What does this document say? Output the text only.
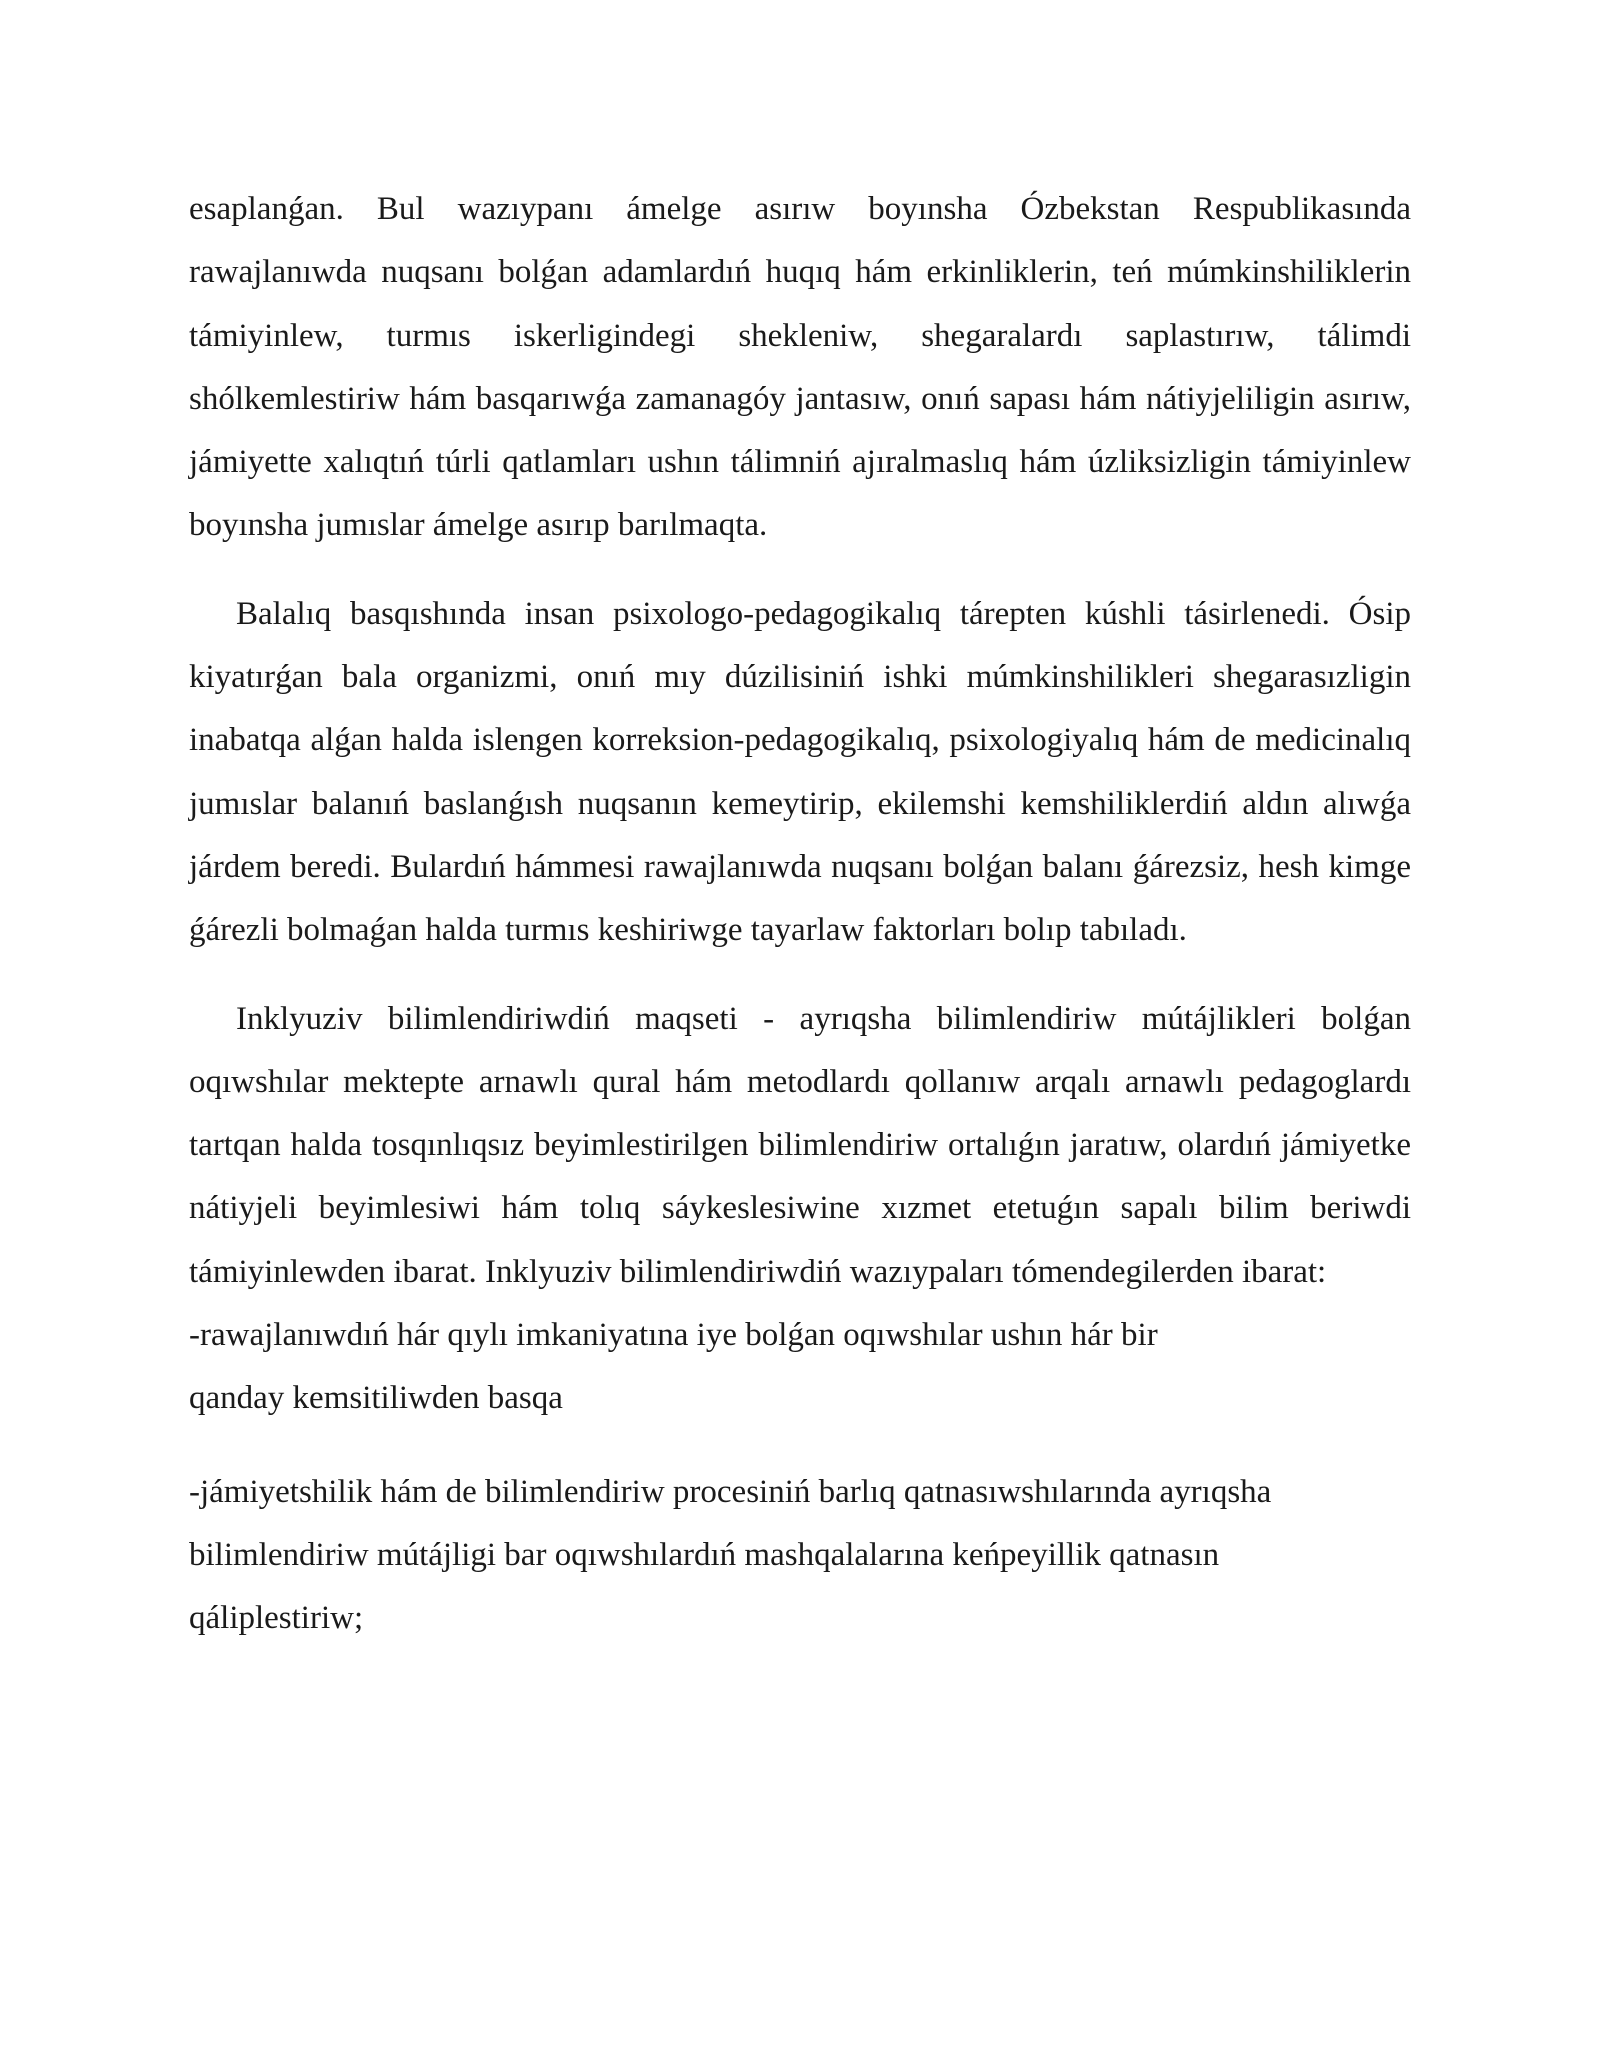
esaplanǵan. Bul wazıypanı ámelge asırıw boyınsha Ózbekstan Respublikasında rawajlanıwda nuqsanı bolǵan adamlardıń huqıq hám erkinliklerin, teń múmkinshiliklerin támiyinlew, turmıs iskerligindegi shekleniw, shegaralardı saplastırıw, tálimdi shólkemlestiriw hám basqarıwǵa zamanagóy jantasıw, onıń sapası hám nátiyjeliligin asırıw, jámiyette xalıqtıń túrli qatlamları ushın tálimniń ajıralmaslıq hám úzliksizligin támiyinlew boyınsha jumıslar ámelge asırıp barılmaqta.

Balalıq basqıshında insan psixologo-pedagogikalıq tárepten kúshli tásirlenedi. Ósip kiyatırǵan bala organizmi, onıń mıy dúzilisiniń ishki múmkinshilikleri shegarasızligin inabatqa alǵan halda islengen korreksion-pedagogikalıq, psixologiyalıq hám de medicinalıq jumıslar balanıń baslanǵısh nuqsanın kemeytirip, ekilemshi kemshiliklerdiń aldın alıwǵa járdem beredi. Bulardıń hámmesi rawajlanıwda nuqsanı bolǵan balanı ǵárezsiz, hesh kimge ǵárezli bolmaǵan halda turmıs keshiriwge tayarlaw faktorları bolıp tabıladı.

Inklyuziv bilimlendiriwdiń maqseti - ayrıqsha bilimlendiriw mútájlikleri bolǵan oqıwshılar mektepte arnawlı qural hám metodlardı qollanıw arqalı arnawlı pedagoglardı tartqan halda tosqınlıqsız beyimlestirilgen bilimlendiriw ortalıǵın jaratıw, olardıń jámiyetke nátiyjeli beyimlesiwi hám tolıq sáykeslesiwine xızmet etetuǵın sapalı bilim beriwdi támiyinlewden ibarat. Inklyuziv bilimlendiriwdiń wazıypaları tómendegilerden ibarat:

-rawajlanıwdıń hár qıylı imkaniyatına iye bolǵan oqıwshılar ushın hár bir

qanday kemsitiliwden basqa

-jámiyetshilik hám de bilimlendiriw procesiniń barlıq qatnasıwshılarında ayrıqsha

bilimlendiriw mútájligi bar oqıwshılardıń mashqalalarına keńpeyillik qatnasın

qáliplestiriw;
